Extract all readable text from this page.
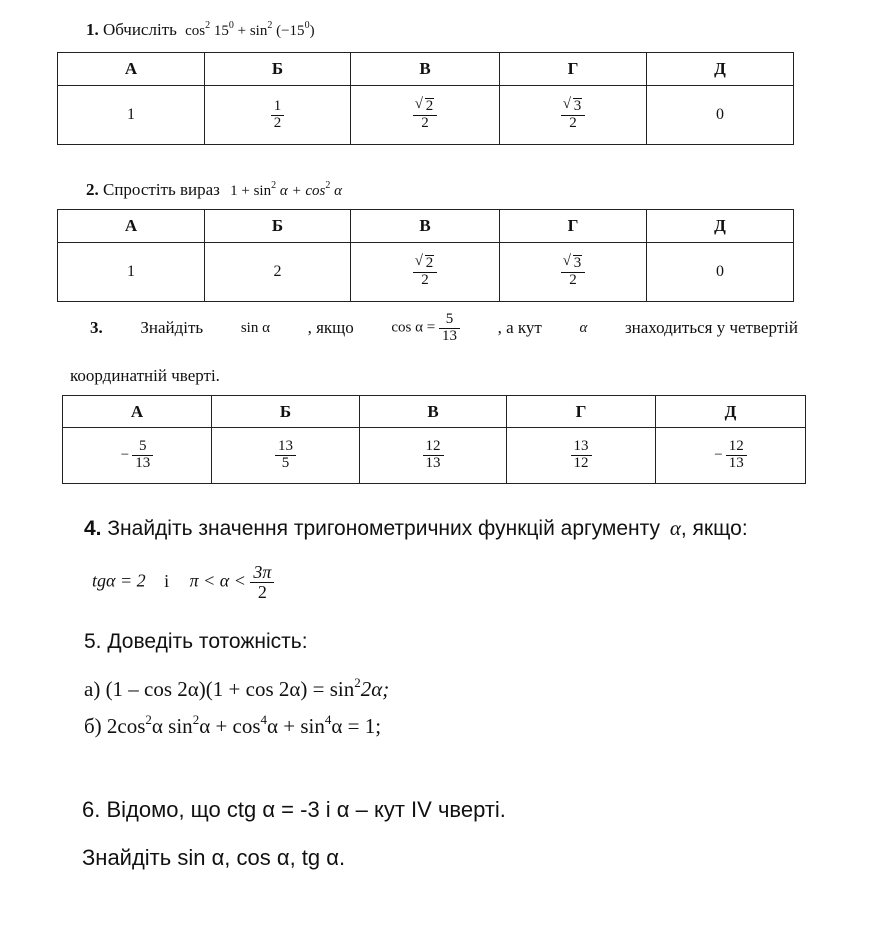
1. Обчисліть $\cos^2 15^0 + \sin^2 (-15^0)$
А	Б	В	Г	Д
1	$\frac{1}{2}$	√ $\frac{2}{2}$	√ $\frac{3}{2}$	0
2. Спростіть вираз $1 + \sin^2 \alpha + \cos^2 \alpha$
А	Б	В	Г	Д
1	2	√ $\frac{2}{2}$	√ $\frac{3}{2}$	0
3. Знайдіть	sin α , якщо	$\cos \alpha = \frac{5}{13}$ , а кут	α знаходиться у четвертій
координатній чверті.
А	Б	В	Г	Д
− $\frac{5}{13}$	$\frac{13}{5}$	$\frac{12}{13}$	$\frac{13}{12}$	− $\frac{12}{13}$
4. Знайдіть значення тригонометричних функцій аргументу α, якщо:
tgα = 2 і $\pi < \alpha < \frac{3\pi}{2}$
5. Доведіть тотожність:
а) $(1 - \cos 2\alpha)(1 + \cos 2\alpha) = \sin^22\alpha$;
б) $2\cos^2\alpha$ $\sin^2\alpha + \cos^4\alpha + \sin^4\alpha = 1$;
6. Відомо, що ctg α = -3 і α – кут IV чверті.
Знайдіть sin α, cos α, tg α.
